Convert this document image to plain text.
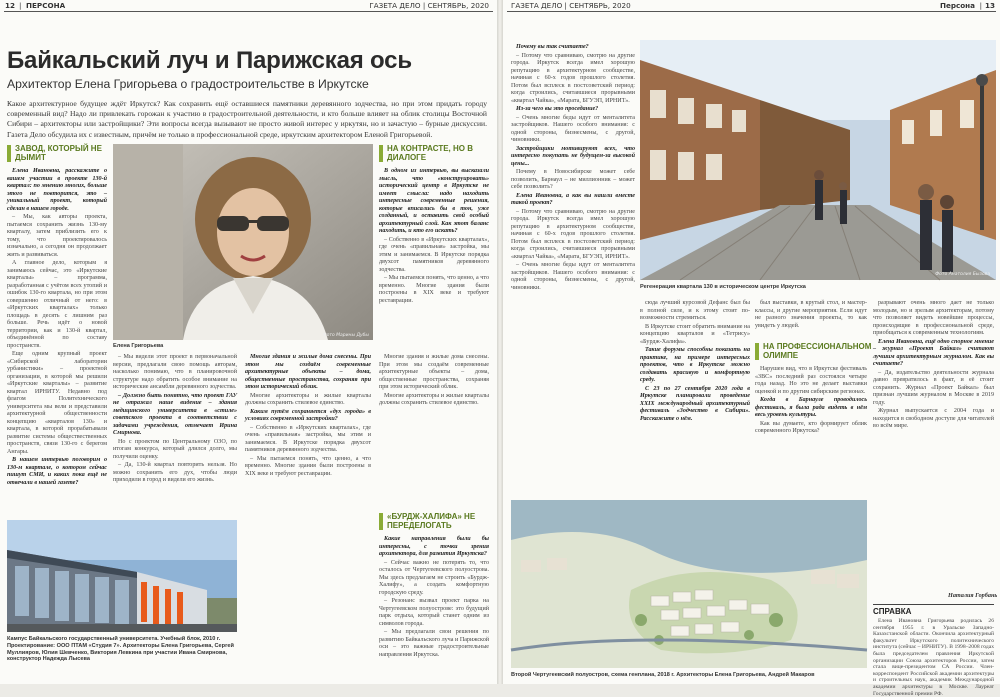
12 | ПЕРСОНА	ГАЗЕТА ДЕЛО | СЕНТЯБРЬ, 2020
Байкальский луч и Парижская ось
Архитектор Елена Григорьева о градостроительстве в Иркутске
Какое архитектурное будущее ждёт Иркутск? Как сохранить ещё оставшиеся памятники деревянного зодчества, но при этом придать городу современный вид? Надо ли привлекать горожан к участию в градостроительной деятельности, и кто больше влияет на облик столицы Восточной Сибири – архитекторы или застройщики? Эти вопросы всегда вызывают не просто живой интерес у иркутян, но и зачастую – бурные дискуссии. Газета Дело обсудила их с известным, причём не только в профессиональной среде, иркутским архитектором Еленой Григорьевой.
ЗАВОД, КОТОРЫЙ НЕ ДЫМИТ

Елена Ивановна, расскажите о вашем участии в проекте 130-й квартал: по мнению многих, больше этого не повторится, это – уникальный проект, который сделан в нашем городе.

– Мы, как авторы проекта, пытаемся сохранить жизнь 130-му кварталу, затем приблизить его к тому, что проектировалось изначально, а сегодня он продолжает жить и развиваться.

А главное дело, которым я занимаюсь сейчас, это «Иркутские кварталы» – программа, разработанная с учётом всех утопий и ошибок 130-го квартала, но при этом совершенно отличный от него: в «Иркутских кварталах» только площадь в десять с лишним раз больше. Речь идёт о новой территории, как и 130-й квартал, объединённой по составу пространств.

Еще одним крупный проект «Сибирской лаборатории урбанистики» – проектной организации, в которой мы решили «Иркутские кварталы» – развитие квартал ИРНИТУ. Недавно под флагом Политехнического университета мы вели и представили архитектурной общественности концепцию «кварталов 130» и квартала, в которой прорабатывали развитие системы обществественных пространств, связи 130-го с берегом Ангары.

В нашем интервью поговорим о 130-м квартале, о котором сейчас пишут СМИ, и каких пока ещё не отвечали в нашей газете?

Фото Марины Дубы
НА КОНТРАСТЕ, НО В ДИАЛОГЕ

В одном из интервью, вы высказали мысль, что «конструировать» исторический центр в Иркутске не имеет смысла: надо находить интересные современные решения, которые вписались бы в тон, уже созданный, и оставить свой особый архитектурный слой. Как этот баланс находить, и кто его искать?

– Собственно в «Иркутских кварталах», где очень «правильная» застройка, мы этим и занимаемся. В Иркутске порядка двухсот памятников деревянного зодчества.

– Мы пытаемся понять, что ценно, а что временно. Многие здания были построены в XIX веке и требуют реставрации.

Елена Григорьева

– Мы видели этот проект в первоначальной версии, предлагали свою помощь авторам, насколько понимаю, что в планировочной структуре надо обратить особое внимание на исторические ансамбли деревянного зодчества.

– Должно быть понятно, что проект ГАУ не отражал наше видение – здания медицинского университета в «стиле» советского проекта в соответствии с задачами учреждения, отмечает Ирина Смирнова.

Но с проектом по Центральному ОЗО, по итогам конкурса, который длился долго, мы получили оценку.

– Да, 130-й квартал повторить нельзя. Но можно сохранить его дух, чтобы люди приходили в город и видели его жизнь.

Многие здания и жилые дома снесены. При этом мы создаём современные архитектурные объекты – дома, общественные пространства, сохраняя при этом исторический облик.

Многие архитекторы и жилые кварталы должны сохранить стилевое единство.

Каким путём сохраняется «дух города» в условиях современной застройки?

– Собственно в «Иркутских кварталах», где очень «правильная» застройка, мы этим и занимаемся. В Иркутске порядка двухсот памятников деревянного зодчества.

– Мы пытаемся понять, что ценно, а что временно. Многие здания были построены в XIX веке и требуют реставрации.

Многие здания и жилые дома снесены. При этом мы создаём современные архитектурные объекты – дома, общественные пространства, сохраняя при этом исторический облик.

Многие архитекторы и жилые кварталы должны сохранить стилевое единство.

«БУРДЖ-ХАЛИФА» НЕ ПЕРЕДЕЛОГАТЬ

Какие направления были бы интересны, с точки зрения архитектора, для развития Иркутска?

– Сейчас важно не потерять то, что осталось от Чертугеевского полуострова. Мы здесь предлагаем не строить «Бурдж-Халифу», а создать комфортную городскую среду.

– Резонанс вызвал проект парка на Чертугеевском полуострове: это будущий парк отдыха, который станет одним из символов города.

– Мы предлагали свои решения по развитию Байкальского луча и Парижской оси – это важные градостроительные направления Иркутска.

Кампус Байкальского государственный университета. Учебный блок, 2010 г. Проектирование: ООО ПТАМ «Студия 7». Архитекторы Елена Григорьева, Сергей Муллияров, Юлия Шевченко, Виктория Левкина при участии Ивана Смирнова, конструктор Надежда Лысева
ГАЗЕТА ДЕЛО | СЕНТЯБРЬ, 2020	Персона | 13
Фото Анатолия Бызова
Регенерация квартала 130 в историческом центре Иркутска

Почему вы так считаете?

– Потому что сравниваю, смотрю на другие города. Иркутск всегда имел хорошую репутацию в архитектурном сообществе, начиная с 60-х годов прошлого столетия. Потом был всплеск в постсоветский период: когда строились, считавшиеся прорывными «квартал Чайка», «Марата, БГУЭП, ИРНИТ».

Из-за чего вы это проседание?

– Очень многие беды идут от менталитета застройщиков. Нашего особого внимания: с одной стороны, бизнесмены, с другой, чиновники.

Застройщики мотивируют всех, что интересно покупать не будущем-за высокой цены...

Почему в Новосибирске может себе позволить, Барнаул – не миллионник – может себе позволить?

Елена Ивановна, а как вы нашли вместе такой проект?

– Потому что сравниваю, смотрю на другие города. Иркутск всегда имел хорошую репутацию в архитектурном сообществе, начиная с 60-х годов прошлого столетия. Потом был всплеск в постсоветский период: когда строились, считавшиеся прорывными «квартал Чайка», «Марата, БГУЭП, ИРНИТ».

– Очень многие беды идут от менталитета застройщиков. Нашего особого внимания: с одной стороны, бизнесмены, с другой, чиновники.

сюда лучший курсовой Дефанс был бы в полной силе, и к этому стоит по-возможности стремиться.

В Иркутске стоит обратить внимание на концепцию кварталов и «Тетрису» «Бурдж-Халифа».

Такие форумы способны показать на практике, на примере интересных проектов, что в Иркутске можно создавать красивую и комфортную среду.

С 23 по 27 сентября 2020 года в Иркутске планировали проведение XXIX международный архитектурный фестиваль «Зодчество в Сибири». Расскажите о нём.

НА ПРОФЕССИОНАЛЬНОМ ОЛИМПЕ

был выставки, в крутый стол, и мастер-классы, и другие мероприятия. Если идут не разного значения проекты, то как увидеть у людей.

Нарушен вид, что в Иркутске фестиваль «ЗВС» последний раз состоялся четыре года назад. Но это не делает выставки оценкой и по другим сибирским регионах.

Когда в Барнауле проводилось фестиваль, я была рада видеть в нём весь уровень культуры.

Как вы думаете, кто формирует облик современного Иркутска?

разрывают очень много дает не только молодым, но и зрелым архитекторам, потому что позволяет видеть новейшие процессы, происходящие в профессиональной среде, приобщаться к современным технологиям.

Елена Ивановна, ещё одно спорное мнение – журнал «Проект Байкал» считают лучшим архитектурным журналом. Как вы считаете?

– Да, издательство деятельности журнала давно превратилось в факт, и её стоит сохранить. Журнал «Проект Байкал» был признан лучшим журналом в Москве в 2019 году.

Журнал выпускается с 2004 года и находится в свободном доступе для читателей во всём мире.

Наталия Горбань
Второй Чертугеевский полуостров, схема генплана, 2018 г. Архитекторы Елена Григорьева, Андрей Макаров
СПРАВКА

Елена Ивановна Григорьева родилась 26 сентября 1955 г. в Уральске Западно-Казахстанской области. Окончила архитектурный факультет Иркутского политехнического института (сейчас – ИРНИТУ). В 1998–2008 годах была председателем правления Иркутской организации Союза архитекторов России, затем стала вице-президентом СА России. Член-корреспондент Российской академии архитектуры и строительных наук, академик Международной академии архитектуры в Москве. Лауреат Государственной премии РФ.
